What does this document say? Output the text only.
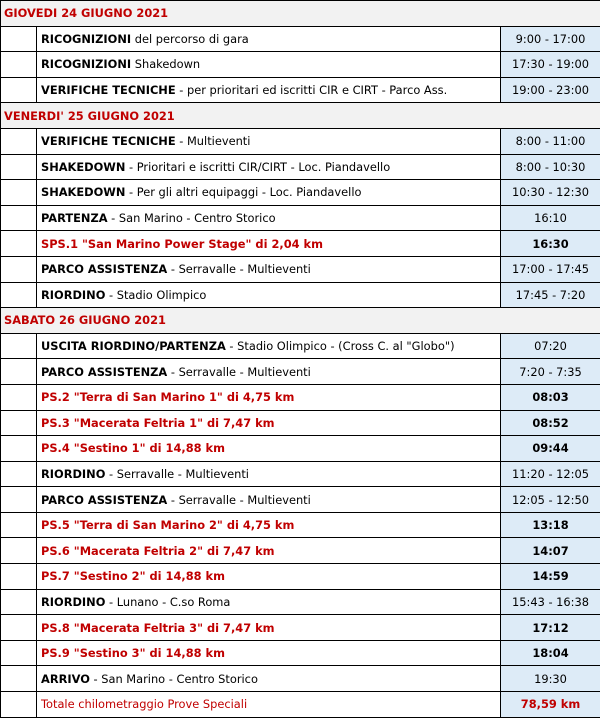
GIOVEDI 24 GIUGNO 2021		
	RICOGNIZIONI del percorso di gara	9:00 - 17:00
	RICOGNIZIONI Shakedown	17:30 - 19:00
	VERIFICHE TECNICHE - per prioritari ed iscritti CIR e CIRT - Parco Ass.	19:00 - 23:00
VENERDI' 25 GIUGNO 2021		
	VERIFICHE TECNICHE - Multieventi	8:00 - 11:00
	SHAKEDOWN - Prioritari e iscritti CIR/CIRT - Loc. Piandavello	8:00 - 10:30
	SHAKEDOWN - Per gli altri equipaggi - Loc. Piandavello	10:30 - 12:30
	PARTENZA - San Marino - Centro Storico	16:10
	SPS.1 "San Marino Power Stage" di 2,04 km	16:30
	PARCO ASSISTENZA - Serravalle - Multieventi	17:00 - 17:45
	RIORDINO - Stadio Olimpico	17:45 - 7:20
SABATO 26 GIUGNO 2021		
	USCITA RIORDINO/PARTENZA - Stadio Olimpico - (Cross C. al "Globo")	07:20
	PARCO ASSISTENZA - Serravalle - Multieventi	7:20 - 7:35
	PS.2 "Terra di San Marino 1" di 4,75 km	08:03
	PS.3 "Macerata Feltria 1" di 7,47 km	08:52
	PS.4 "Sestino 1" di 14,88 km	09:44
	RIORDINO - Serravalle - Multieventi	11:20 - 12:05
	PARCO ASSISTENZA - Serravalle - Multieventi	12:05 - 12:50
	PS.5 "Terra di San Marino 2" di 4,75 km	13:18
	PS.6 "Macerata Feltria 2" di 7,47 km	14:07
	PS.7 "Sestino 2" di 14,88 km	14:59
	RIORDINO - Lunano - C.so Roma	15:43 - 16:38
	PS.8 "Macerata Feltria 3" di 7,47 km	17:12
	PS.9 "Sestino 3" di 14,88 km	18:04
	ARRIVO - San Marino - Centro Storico	19:30
	Totale chilometraggio Prove Speciali	78,59 km
